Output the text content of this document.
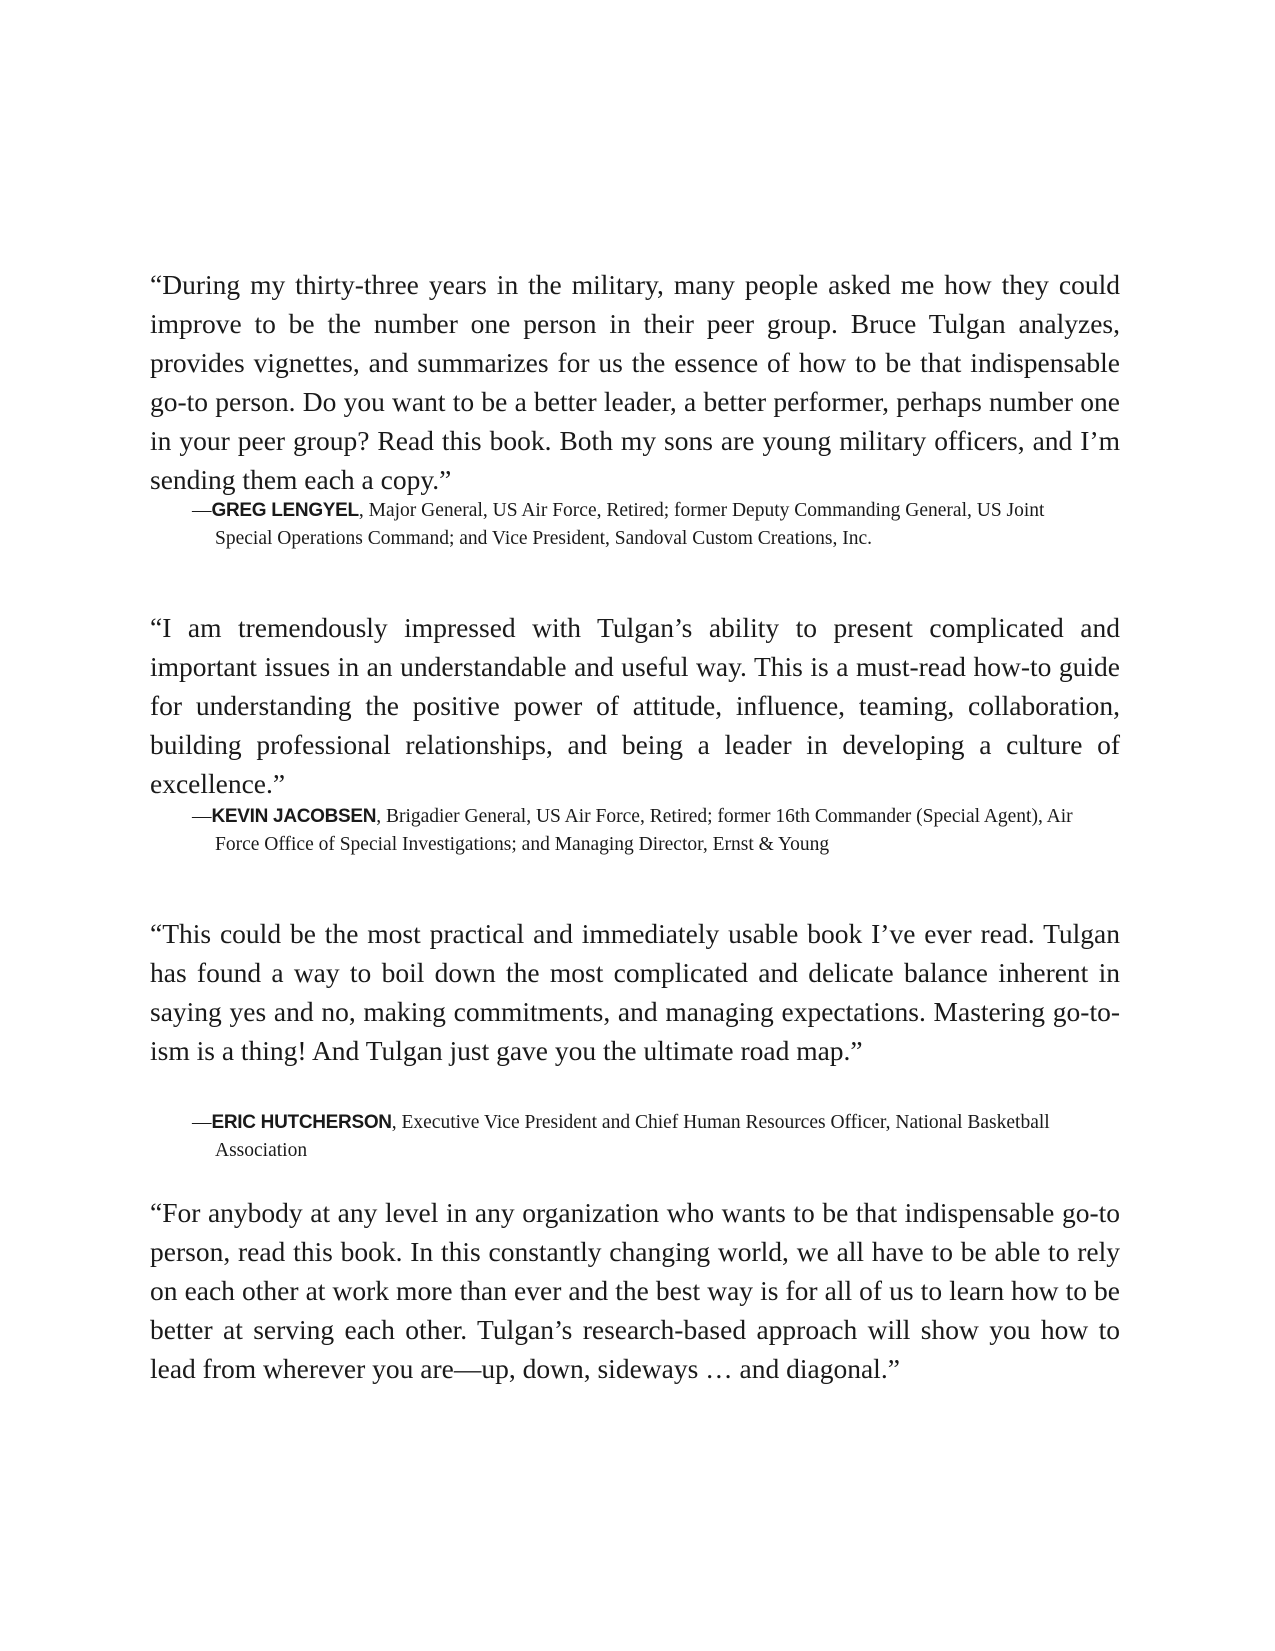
“During my thirty-three years in the military, many people asked me how they could improve to be the number one person in their peer group. Bruce Tulgan analyzes, provides vignettes, and summarizes for us the essence of how to be that indispensable go-to person. Do you want to be a better leader, a better performer, perhaps number one in your peer group? Read this book. Both my sons are young military officers, and I’m sending them each a copy.”

—GREG LENGYEL, Major General, US Air Force, Retired; former Deputy Commanding General, US Joint Special Operations Command; and Vice President, Sandoval Custom Creations, Inc.

“I am tremendously impressed with Tulgan’s ability to present complicated and important issues in an understandable and useful way. This is a must-read how-to guide for understanding the positive power of attitude, influence, teaming, collaboration, building professional relationships, and being a leader in developing a culture of excellence.”

—KEVIN JACOBSEN, Brigadier General, US Air Force, Retired; former 16th Commander (Special Agent), Air Force Office of Special Investigations; and Managing Director, Ernst & Young

“This could be the most practical and immediately usable book I’ve ever read. Tulgan has found a way to boil down the most complicated and delicate balance inherent in saying yes and no, making commitments, and managing expectations. Mastering go-to-ism is a thing! And Tulgan just gave you the ultimate road map.”

—ERIC HUTCHERSON, Executive Vice President and Chief Human Resources Officer, National Basketball Association

“For anybody at any level in any organization who wants to be that indispensable go-to person, read this book. In this constantly changing world, we all have to be able to rely on each other at work more than ever and the best way is for all of us to learn how to be better at serving each other. Tulgan’s research-based approach will show you how to lead from wherever you are—up, down, sideways … and diagonal.”
